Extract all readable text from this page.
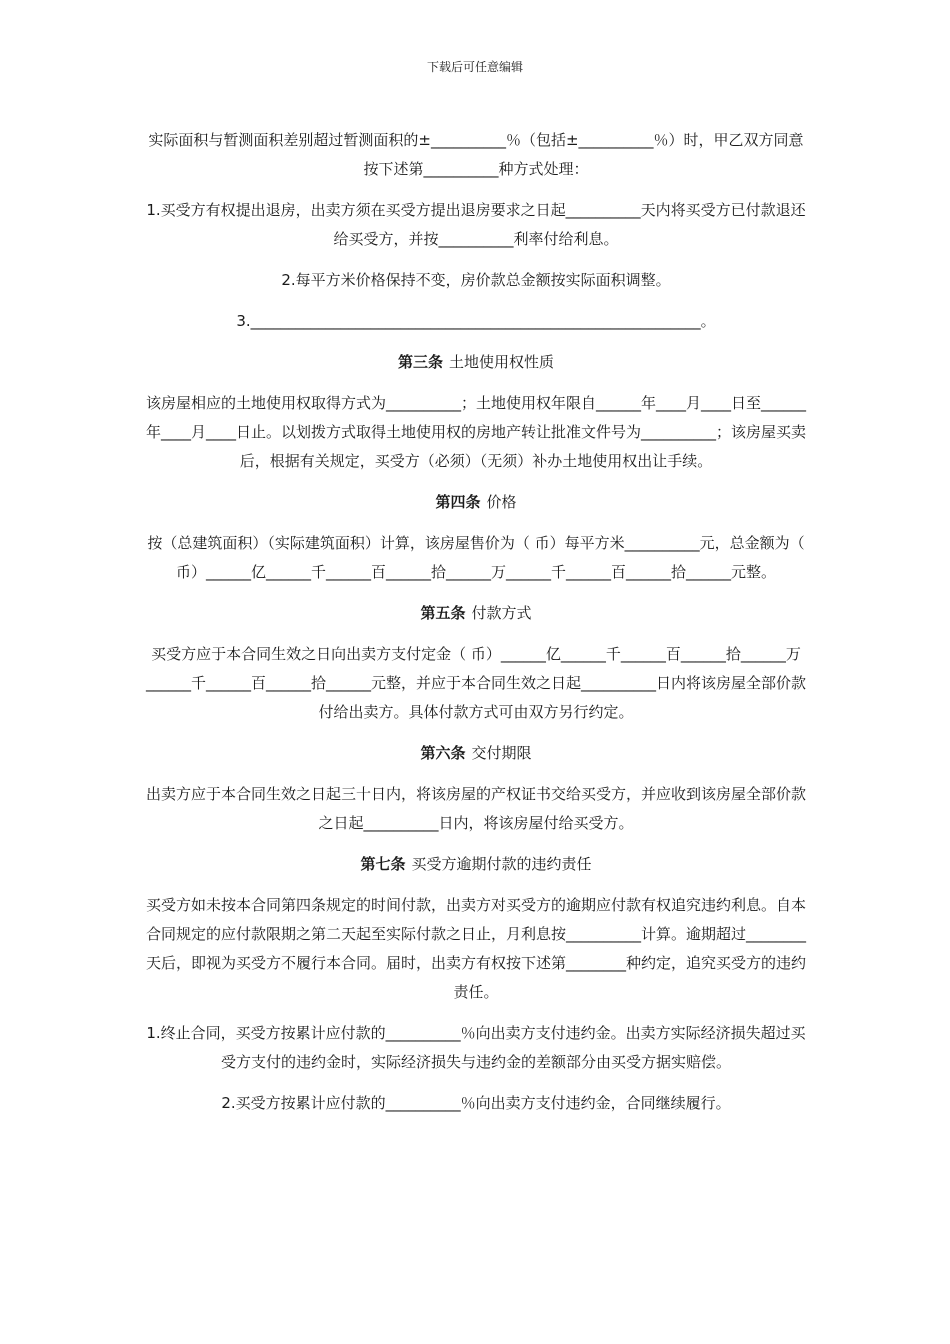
下载后可任意编辑

实际面积与暂测面积差别超过暂测面积的±__________％（包括±__________％）时，甲乙双方同意按下述第__________种方式处理：

1.买受方有权提出退房，出卖方须在买受方提出退房要求之日起__________天内将买受方已付款退还给买受方，并按__________利率付给利息。

2.每平方米价格保持不变，房价款总金额按实际面积调整。

3.____________________________________________________________。

第三条 土地使用权性质

该房屋相应的土地使用权取得方式为__________；土地使用权年限自______年____月____日至______年____月____日止。以划拨方式取得土地使用权的房地产转让批准文件号为__________；该房屋买卖后，根据有关规定，买受方（必须）（无须）补办土地使用权出让手续。

第四条 价格

按（总建筑面积）（实际建筑面积）计算，该房屋售价为（ 币）每平方米__________元，总金额为（ 币）______亿______千______百______拾______万______千______百______拾______元整。

第五条 付款方式

买受方应于本合同生效之日向出卖方支付定金（ 币）______亿______千______百______拾______万______千______百______拾______元整，并应于本合同生效之日起__________日内将该房屋全部价款付给出卖方。具体付款方式可由双方另行约定。

第六条 交付期限

出卖方应于本合同生效之日起三十日内，将该房屋的产权证书交给买受方，并应收到该房屋全部价款之日起__________日内，将该房屋付给买受方。

第七条 买受方逾期付款的违约责任

买受方如未按本合同第四条规定的时间付款，出卖方对买受方的逾期应付款有权追究违约利息。自本合同规定的应付款限期之第二天起至实际付款之日止，月利息按__________计算。逾期超过________天后，即视为买受方不履行本合同。届时，出卖方有权按下述第________种约定，追究买受方的违约责任。

1.终止合同，买受方按累计应付款的__________％向出卖方支付违约金。出卖方实际经济损失超过买受方支付的违约金时，实际经济损失与违约金的差额部分由买受方据实赔偿。

2.买受方按累计应付款的__________％向出卖方支付违约金，合同继续履行。
